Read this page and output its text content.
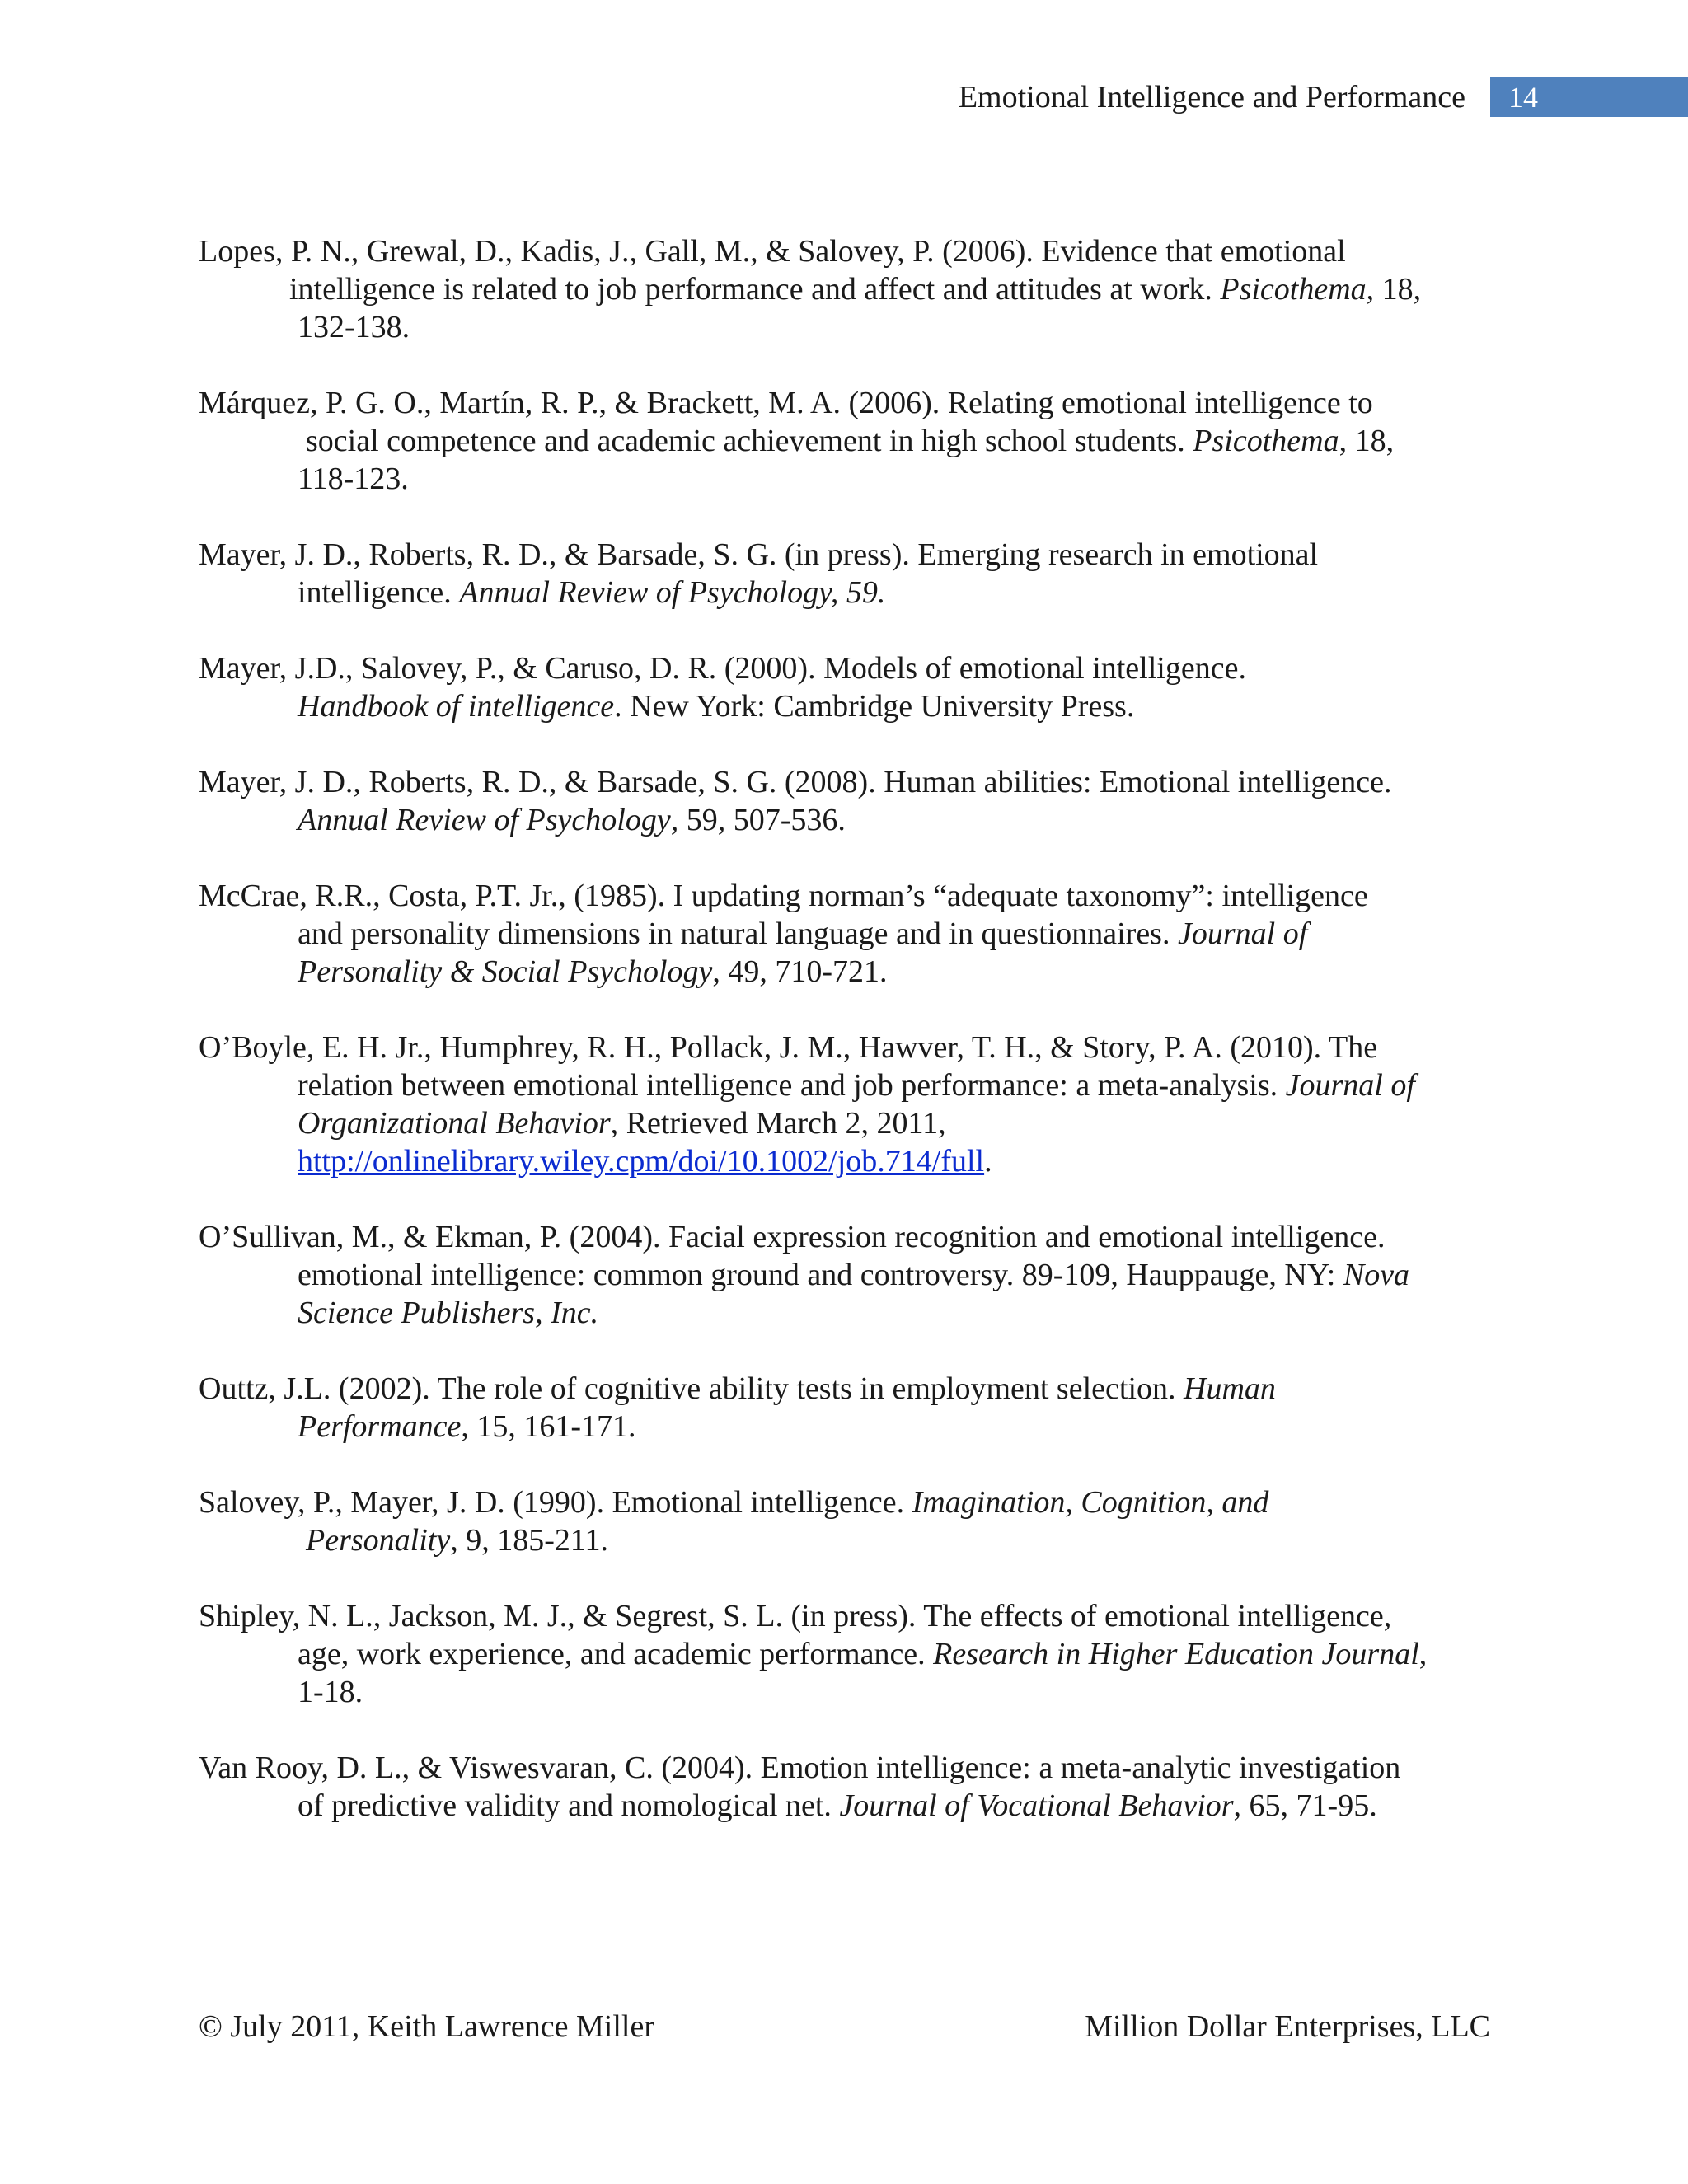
Emotional Intelligence and Performance	14
Lopes, P. N., Grewal, D., Kadis, J., Gall, M., & Salovey, P. (2006). Evidence that emotional
intelligence is related to job performance and affect and attitudes at work. Psicothema, 18,
132-138.
Márquez, P. G. O., Martín, R. P., & Brackett, M. A. (2006). Relating emotional intelligence to
social competence and academic achievement in high school students. Psicothema, 18,
118-123.
Mayer, J. D., Roberts, R. D., & Barsade, S. G. (in press). Emerging research in emotional
intelligence. Annual Review of Psychology, 59.
Mayer, J.D., Salovey, P., & Caruso, D. R. (2000). Models of emotional intelligence.
Handbook of intelligence. New York: Cambridge University Press.
Mayer, J. D., Roberts, R. D., & Barsade, S. G. (2008). Human abilities: Emotional intelligence.
Annual Review of Psychology, 59, 507-536.
McCrae, R.R., Costa, P.T. Jr., (1985). I updating norman’s “adequate taxonomy”: intelligence
and personality dimensions in natural language and in questionnaires. Journal of
Personality & Social Psychology, 49, 710-721.
O’Boyle, E. H. Jr., Humphrey, R. H., Pollack, J. M., Hawver, T. H., & Story, P. A. (2010). The
relation between emotional intelligence and job performance: a meta-analysis. Journal of
Organizational Behavior, Retrieved March 2, 2011,
http://onlinelibrary.wiley.cpm/doi/10.1002/job.714/full.
O’Sullivan, M., & Ekman, P. (2004). Facial expression recognition and emotional intelligence.
emotional intelligence: common ground and controversy. 89-109, Hauppauge, NY: Nova
Science Publishers, Inc.
Outtz, J.L. (2002). The role of cognitive ability tests in employment selection. Human
Performance, 15, 161-171.
Salovey, P., Mayer, J. D. (1990). Emotional intelligence. Imagination, Cognition, and
Personality, 9, 185-211.
Shipley, N. L., Jackson, M. J., & Segrest, S. L. (in press). The effects of emotional intelligence,
age, work experience, and academic performance. Research in Higher Education Journal,
1-18.
Van Rooy, D. L., & Viswesvaran, C. (2004). Emotion intelligence: a meta-analytic investigation
of predictive validity and nomological net. Journal of Vocational Behavior, 65, 71-95.
© July 2011, Keith Lawrence Miller	Million Dollar Enterprises, LLC
